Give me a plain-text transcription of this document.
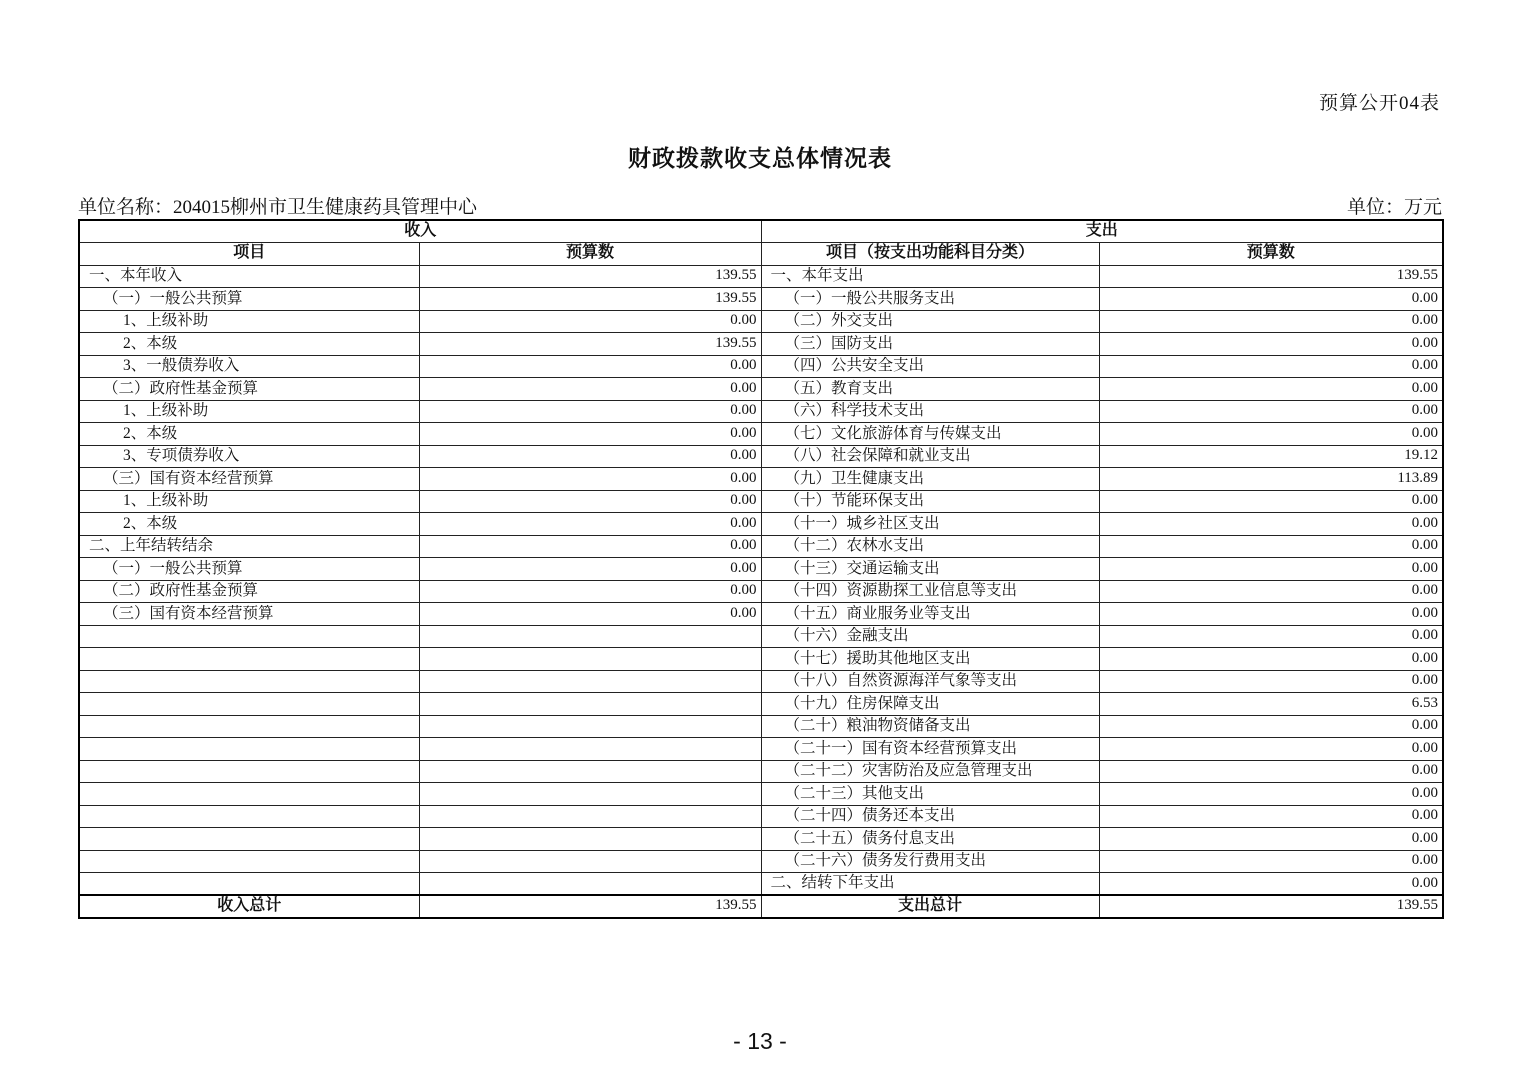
预算公开04表
财政拨款收支总体情况表
单位名称：204015柳州市卫生健康药具管理中心	单位：万元
收入		支出	
项目	预算数	项目（按支出功能科目分类）	预算数
一、本年收入	139.55	一、本年支出	139.55
（一）一般公共预算	139.55	（一）一般公共服务支出	0.00
1、上级补助	0.00	（二）外交支出	0.00
2、本级	139.55	（三）国防支出	0.00
3、一般债券收入	0.00	（四）公共安全支出	0.00
（二）政府性基金预算	0.00	（五）教育支出	0.00
1、上级补助	0.00	（六）科学技术支出	0.00
2、本级	0.00	（七）文化旅游体育与传媒支出	0.00
3、专项债券收入	0.00	（八）社会保障和就业支出	19.12
（三）国有资本经营预算	0.00	（九）卫生健康支出	113.89
1、上级补助	0.00	（十）节能环保支出	0.00
2、本级	0.00	（十一）城乡社区支出	0.00
二、上年结转结余	0.00	（十二）农林水支出	0.00
（一）一般公共预算	0.00	（十三）交通运输支出	0.00
（二）政府性基金预算	0.00	（十四）资源勘探工业信息等支出	0.00
（三）国有资本经营预算	0.00	（十五）商业服务业等支出	0.00
		（十六）金融支出	0.00
		（十七）援助其他地区支出	0.00
		（十八）自然资源海洋气象等支出	0.00
		（十九）住房保障支出	6.53
		（二十）粮油物资储备支出	0.00
		（二十一）国有资本经营预算支出	0.00
		（二十二）灾害防治及应急管理支出	0.00
		（二十三）其他支出	0.00
		（二十四）债务还本支出	0.00
		（二十五）债务付息支出	0.00
		（二十六）债务发行费用支出	0.00
		二、结转下年支出	0.00
收入总计	139.55	支出总计	139.55
- 13 -
